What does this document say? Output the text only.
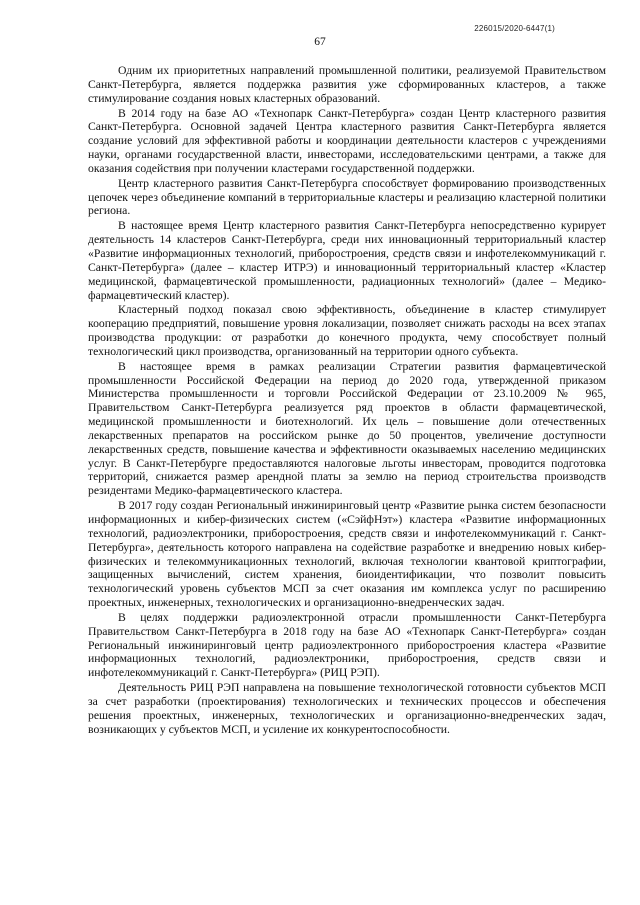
226015/2020-6447(1)
67

Одним их приоритетных направлений промышленной политики, реализуемой Правительством Санкт-Петербурга, является поддержка развития уже сформированных кластеров, а также стимулирование создания новых кластерных образований.

В 2014 году на базе АО «Технопарк Санкт-Петербурга» создан Центр кластерного развития Санкт-Петербурга. Основной задачей Центра кластерного развития Санкт-Петербурга является создание условий для эффективной работы и координации деятельности кластеров с учреждениями науки, органами государственной власти, инвесторами, исследовательскими центрами, а также для оказания содействия при получении кластерами государственной поддержки.

Центр кластерного развития Санкт-Петербурга способствует формированию производственных цепочек через объединение компаний в территориальные кластеры и реализацию кластерной политики региона.

В настоящее время Центр кластерного развития Санкт-Петербурга непосредственно курирует деятельность 14 кластеров Санкт-Петербурга, среди них инновационный территориальный кластер «Развитие информационных технологий, приборостроения, средств связи и инфотелекоммуникаций г. Санкт-Петербурга» (далее – кластер ИТРЭ) и инновационный территориальный кластер «Кластер медицинской, фармацевтической промышленности, радиационных технологий» (далее – Медико-фармацевтический кластер).

Кластерный подход показал свою эффективность, объединение в кластер стимулирует кооперацию предприятий, повышение уровня локализации, позволяет снижать расходы на всех этапах производства продукции: от разработки до конечного продукта, чему способствует полный технологический цикл производства, организованный на территории одного субъекта.

В настоящее время в рамках реализации Стратегии развития фармацевтической промышленности Российской Федерации на период до 2020 года, утвержденной приказом Министерства промышленности и торговли Российской Федерации от 23.10.2009 № 965, Правительством Санкт-Петербурга реализуется ряд проектов в области фармацевтической, медицинской промышленности и биотехнологий. Их цель – повышение доли отечественных лекарственных препаратов на российском рынке до 50 процентов, увеличение доступности лекарственных средств, повышение качества и эффективности оказываемых населению медицинских услуг. В Санкт-Петербурге предоставляются налоговые льготы инвесторам, проводится подготовка территорий, снижается размер арендной платы за землю на период строительства производств резидентами Медико-фармацевтического кластера.

В 2017 году создан Региональный инжиниринговый центр «Развитие рынка систем безопасности информационных и кибер-физических систем («СэйфНэт») кластера «Развитие информационных технологий, радиоэлектроники, приборостроения, средств связи и инфотелекоммуникаций г. Санкт-Петербурга», деятельность которого направлена на содействие разработке и внедрению новых кибер-физических и телекоммуникационных технологий, включая технологии квантовой криптографии, защищенных вычислений, систем хранения, биоидентификации, что позволит повысить технологический уровень субъектов МСП за счет оказания им комплекса услуг по расширению проектных, инженерных, технологических и организационно-внедренческих задач.

В целях поддержки радиоэлектронной отрасли промышленности Санкт-Петербурга Правительством Санкт-Петербурга в 2018 году на базе АО «Технопарк Санкт-Петербурга» создан Региональный инжиниринговый центр радиоэлектронного приборостроения кластера «Развитие информационных технологий, радиоэлектроники, приборостроения, средств связи и инфотелекоммуникаций г. Санкт-Петербурга» (РИЦ РЭП).

Деятельность РИЦ РЭП направлена на повышение технологической готовности субъектов МСП за счет разработки (проектирования) технологических и технических процессов и обеспечения решения проектных, инженерных, технологических и организационно-внедренческих задач, возникающих у субъектов МСП, и усиление их конкурентоспособности.
